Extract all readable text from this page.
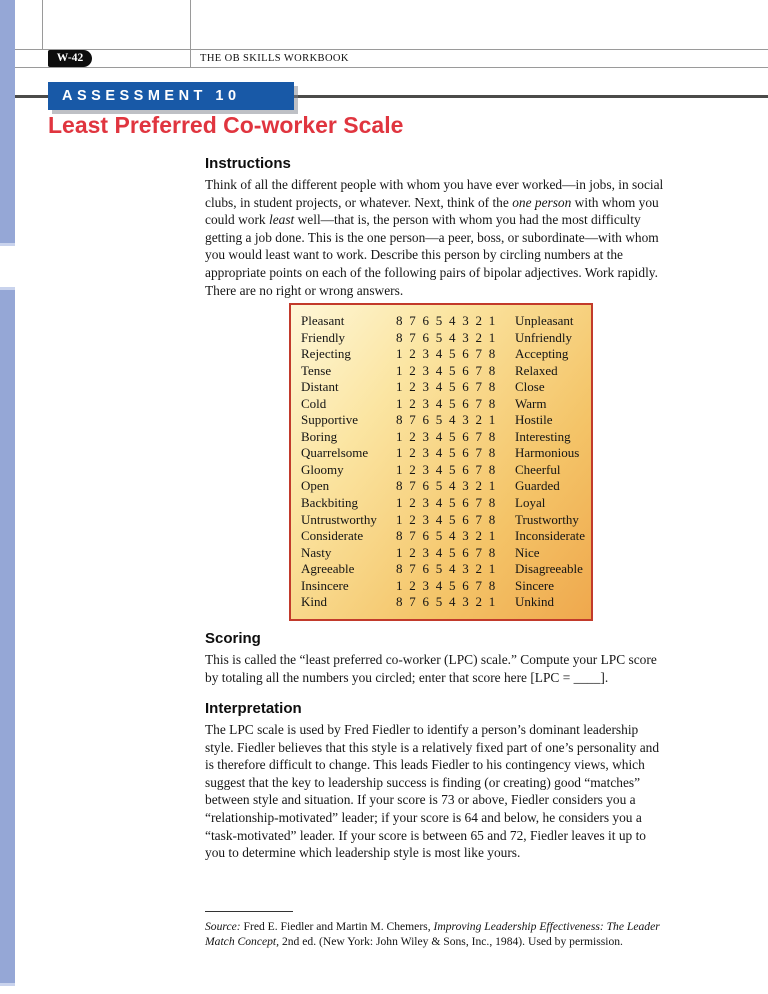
W-42	THE OB SKILLS WORKBOOK
ASSESSMENT 10
Least Preferred Co-worker Scale
Instructions

Think of all the different people with whom you have ever worked—in jobs, in social clubs, in student projects, or whatever. Next, think of the one person with whom you could work least well—that is, the person with whom you had the most difficulty getting a job done. This is the one person—a peer, boss, or subordinate—with whom you would least want to work. Describe this person by circling numbers at the appropriate points on each of the following pairs of bipolar adjectives. Work rapidly. There are no right or wrong answers.

Pleasant	8 7 6 5 4 3 2 1	Unpleasant
Friendly	8 7 6 5 4 3 2 1	Unfriendly
Rejecting	1 2 3 4 5 6 7 8	Accepting
Tense	1 2 3 4 5 6 7 8	Relaxed
Distant	1 2 3 4 5 6 7 8	Close
Cold	1 2 3 4 5 6 7 8	Warm
Supportive	8 7 6 5 4 3 2 1	Hostile
Boring	1 2 3 4 5 6 7 8	Interesting
Quarrelsome	1 2 3 4 5 6 7 8	Harmonious
Gloomy	1 2 3 4 5 6 7 8	Cheerful
Open	8 7 6 5 4 3 2 1	Guarded
Backbiting	1 2 3 4 5 6 7 8	Loyal
Untrustworthy	1 2 3 4 5 6 7 8	Trustworthy
Considerate	8 7 6 5 4 3 2 1	Inconsiderate
Nasty	1 2 3 4 5 6 7 8	Nice
Agreeable	8 7 6 5 4 3 2 1	Disagreeable
Insincere	1 2 3 4 5 6 7 8	Sincere
Kind	8 7 6 5 4 3 2 1	Unkind
Scoring

This is called the “least preferred co-worker (LPC) scale.” Compute your LPC score by totaling all the numbers you circled; enter that score here [LPC = ____].

Interpretation

The LPC scale is used by Fred Fiedler to identify a person’s dominant leadership style. Fiedler believes that this style is a relatively fixed part of one’s personality and is therefore difficult to change. This leads Fiedler to his contingency views, which suggest that the key to leadership success is finding (or creating) good “matches” between style and situation. If your score is 73 or above, Fiedler considers you a “relationship-motivated” leader; if your score is 64 and below, he considers you a “task-motivated” leader. If your score is between 65 and 72, Fiedler leaves it up to you to determine which leadership style is most like yours.

Source: Fred E. Fiedler and Martin M. Chemers, Improving Leadership Effectiveness: The Leader Match Concept, 2nd ed. (New York: John Wiley & Sons, Inc., 1984). Used by permission.
